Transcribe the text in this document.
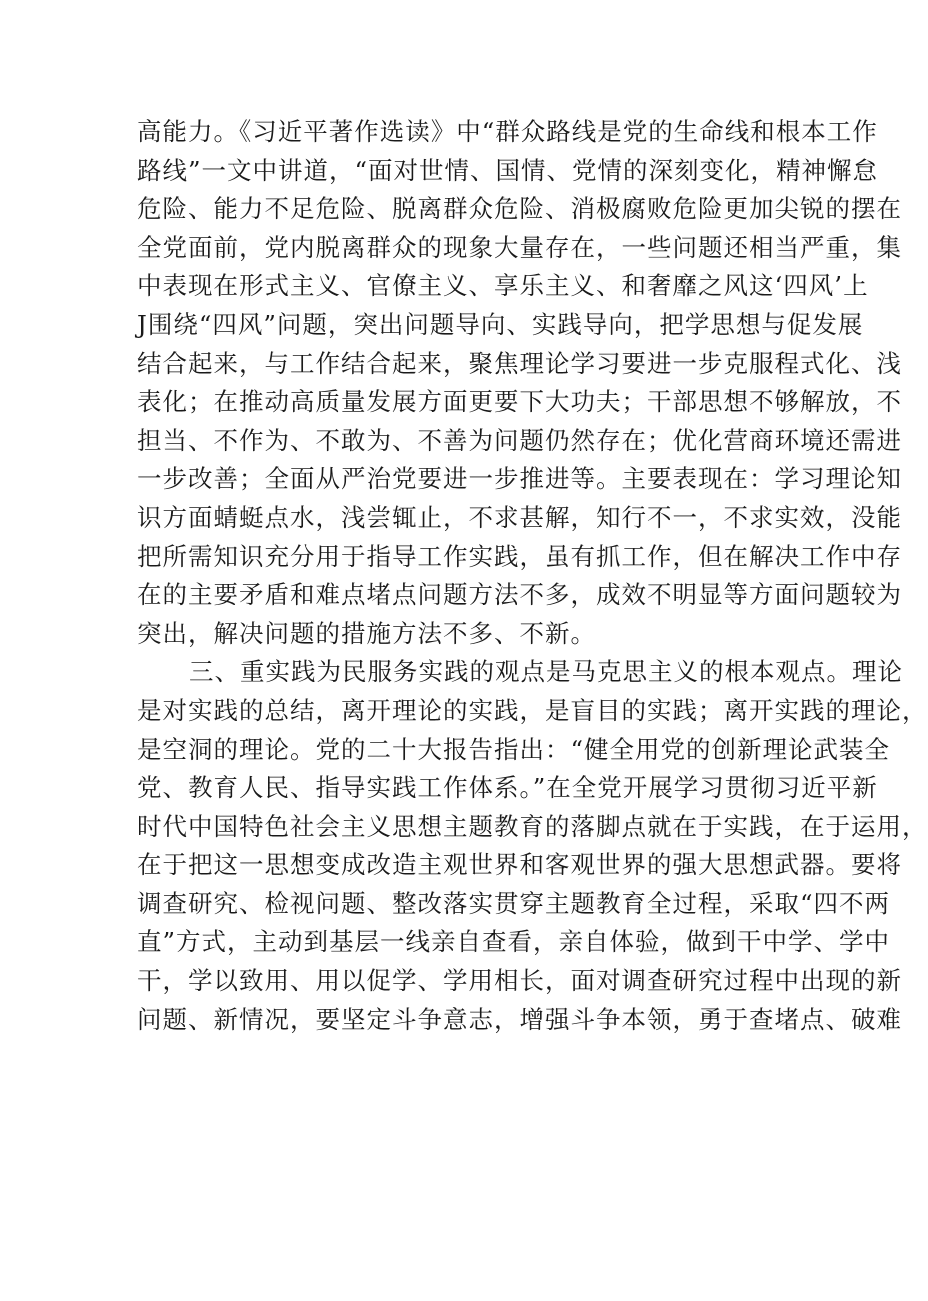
高能力。《习近平著作选读》中“群众路线是党的生命线和根本工作
路线”一文中讲道，“面对世情、国情、党情的深刻变化，精神懈怠
危险、能力不足危险、脱离群众危险、消极腐败危险更加尖锐的摆在
全党面前，党内脱离群众的现象大量存在，一些问题还相当严重，集
中表现在形式主义、官僚主义、享乐主义、和奢靡之风这‘四风’上
J围绕“四风”问题，突出问题导向、实践导向，把学思想与促发展
结合起来，与工作结合起来，聚焦理论学习要进一步克服程式化、浅
表化；在推动高质量发展方面更要下大功夫；干部思想不够解放，不
担当、不作为、不敢为、不善为问题仍然存在；优化营商环境还需进
一步改善；全面从严治党要进一步推进等。主要表现在：学习理论知
识方面蜻蜓点水，浅尝辄止，不求甚解，知行不一，不求实效，没能
把所需知识充分用于指导工作实践，虽有抓工作，但在解决工作中存
在的主要矛盾和难点堵点问题方法不多，成效不明显等方面问题较为
突出，解决问题的措施方法不多、不新。
三、重实践为民服务实践的观点是马克思主义的根本观点。理论
是对实践的总结，离开理论的实践，是盲目的实践；离开实践的理论，
是空洞的理论。党的二十大报告指出：“健全用党的创新理论武装全
党、教育人民、指导实践工作体系。”在全党开展学习贯彻习近平新
时代中国特色社会主义思想主题教育的落脚点就在于实践，在于运用，
在于把这一思想变成改造主观世界和客观世界的强大思想武器。要将
调查研究、检视问题、整改落实贯穿主题教育全过程，采取“四不两
直”方式，主动到基层一线亲自查看，亲自体验，做到干中学、学中
干，学以致用、用以促学、学用相长，面对调查研究过程中出现的新
问题、新情况，要坚定斗争意志，增强斗争本领，勇于查堵点、破难
